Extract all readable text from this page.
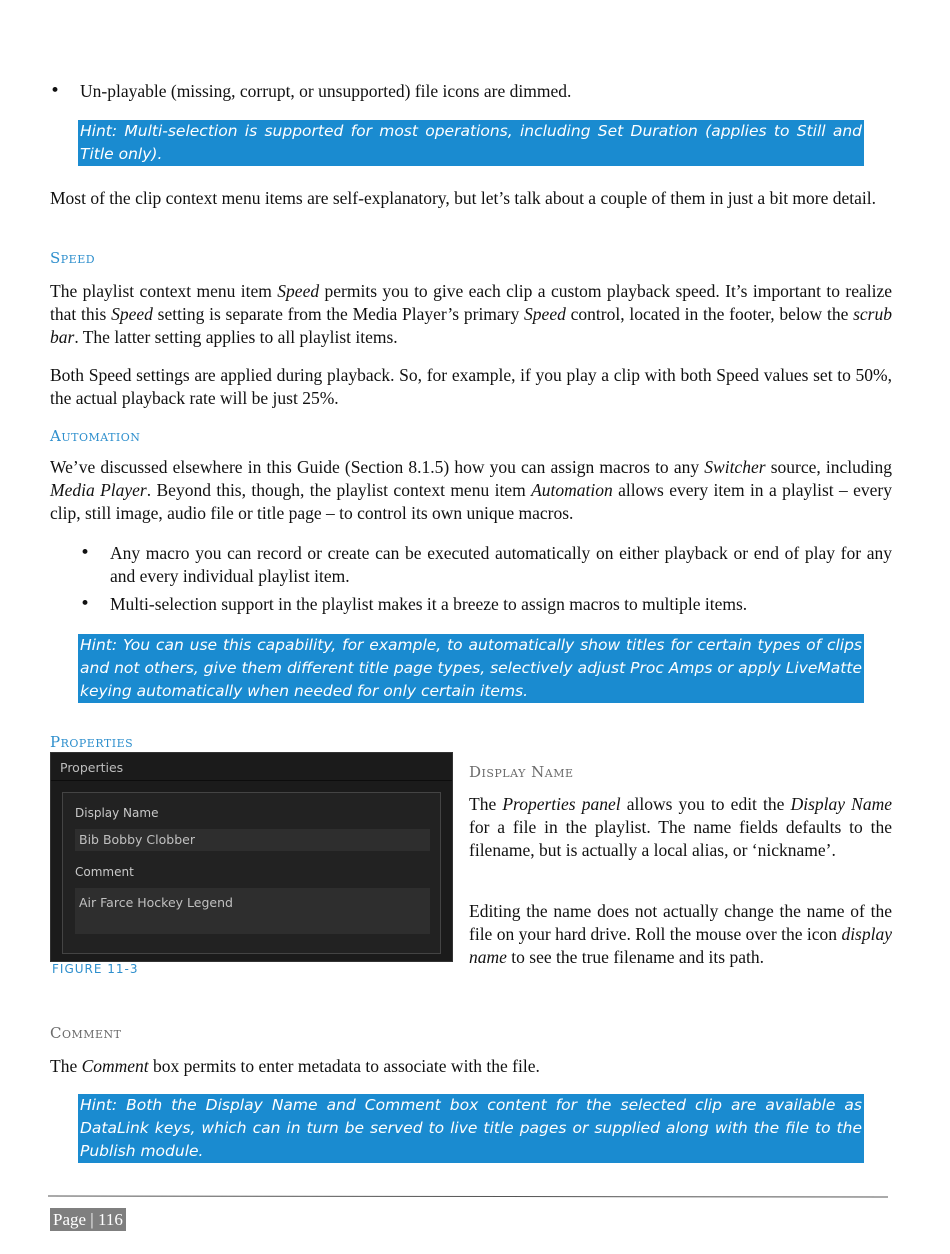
• Un-playable (missing, corrupt, or unsupported) file icons are dimmed.
Hint: Multi-selection is supported for most operations, including Set Duration (applies to Still and Title only).
Most of the clip context menu items are self-explanatory, but let’s talk about a couple of them in just a bit more detail.
Speed
The playlist context menu item Speed permits you to give each clip a custom playback speed. It’s important to realize that this Speed setting is separate from the Media Player’s primary Speed control, located in the footer, below the scrub bar. The latter setting applies to all playlist items.
Both Speed settings are applied during playback. So, for example, if you play a clip with both Speed values set to 50%, the actual playback rate will be just 25%.
Automation
We’ve discussed elsewhere in this Guide (Section 8.1.5) how you can assign macros to any Switcher source, including Media Player. Beyond this, though, the playlist context menu item Automation allows every item in a playlist – every clip, still image, audio file or title page – to control its own unique macros.
• Any macro you can record or create can be executed automatically on either playback or end of play for any and every individual playlist item.
• Multi-selection support in the playlist makes it a breeze to assign macros to multiple items.
Hint: You can use this capability, for example, to automatically show titles for certain types of clips and not others, give them different title page types, selectively adjust Proc Amps or apply LiveMatte keying automatically when needed for only certain items.
Properties
Properties
Display Name
Bib Bobby Clobber
Comment
Air Farce Hockey Legend
FIGURE 11-3
Display Name
The Properties panel allows you to edit the Display Name for a file in the playlist. The name fields defaults to the filename, but is actually a local alias, or ‘nickname’.
Editing the name does not actually change the name of the file on your hard drive. Roll the mouse over the icon display name to see the true filename and its path.
Comment
The Comment box permits to enter metadata to associate with the file.
Hint: Both the Display Name and Comment box content for the selected clip are available as DataLink keys, which can in turn be served to live title pages or supplied along with the file to the Publish module.
Page | 116
